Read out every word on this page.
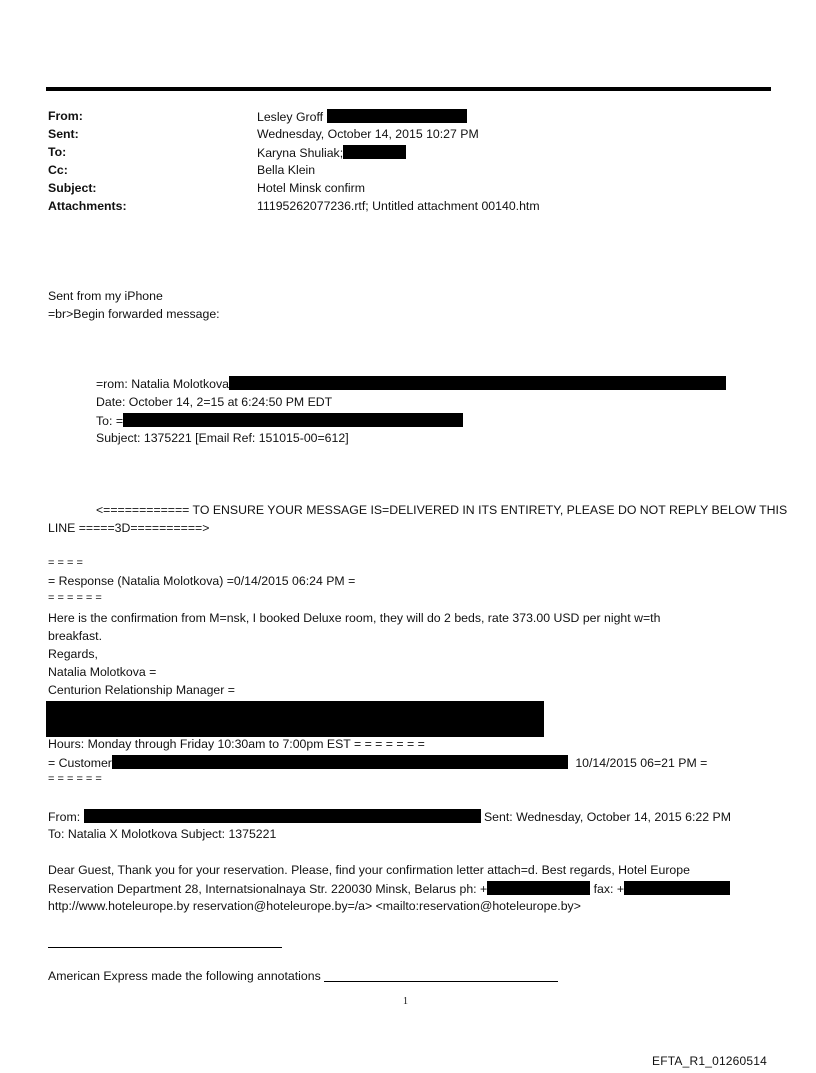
From:	Lesley Groff
Sent:	Wednesday, October 14, 2015 10:27 PM
To:	Karyna Shuliak;
Cc:	Bella Klein
Subject:	Hotel Minsk confirm
Attachments:	11195262077236.rtf; Untitled attachment 00140.htm
Sent from my iPhone
=br>Begin forwarded message:
=rom: Natalia Molotkova
Date: October 14, 2=15 at 6:24:50 PM EDT
To: =
Subject: 1375221 [Email Ref: 151015-00=612]
<============ TO ENSURE YOUR MESSAGE IS=DELIVERED IN ITS ENTIRETY, PLEASE DO NOT REPLY BELOW THIS
LINE =====3D==========>
= = = =
= Response (Natalia Molotkova) =0/14/2015 06:24 PM =
= = = = = =
Here is the confirmation from M=nsk, I booked Deluxe room, they will do 2 beds, rate 373.00 USD per night w=th
breakfast.
Regards,
Natalia Molotkova =
Centurion Relationship Manager =
Hours: Monday through Friday 10:30am to 7:00pm EST = = = = = = =
= Customer	10/14/2015 06=21 PM =
= = = = = =
From:	Sent: Wednesday, October 14, 2015 6:22 PM
To: Natalia X Molotkova Subject: 1375221
Dear Guest, Thank you for your reservation. Please, find your confirmation letter attach=d. Best regards, Hotel Europe
Reservation Department 28, Internatsionalnaya Str. 220030 Minsk, Belarus ph: +	fax: +
http://www.hoteleurope.by reservation@hoteleurope.by=/a> <mailto:reservation@hoteleurope.by>
American Express made the following annotations
1
EFTA_R1_01260514
